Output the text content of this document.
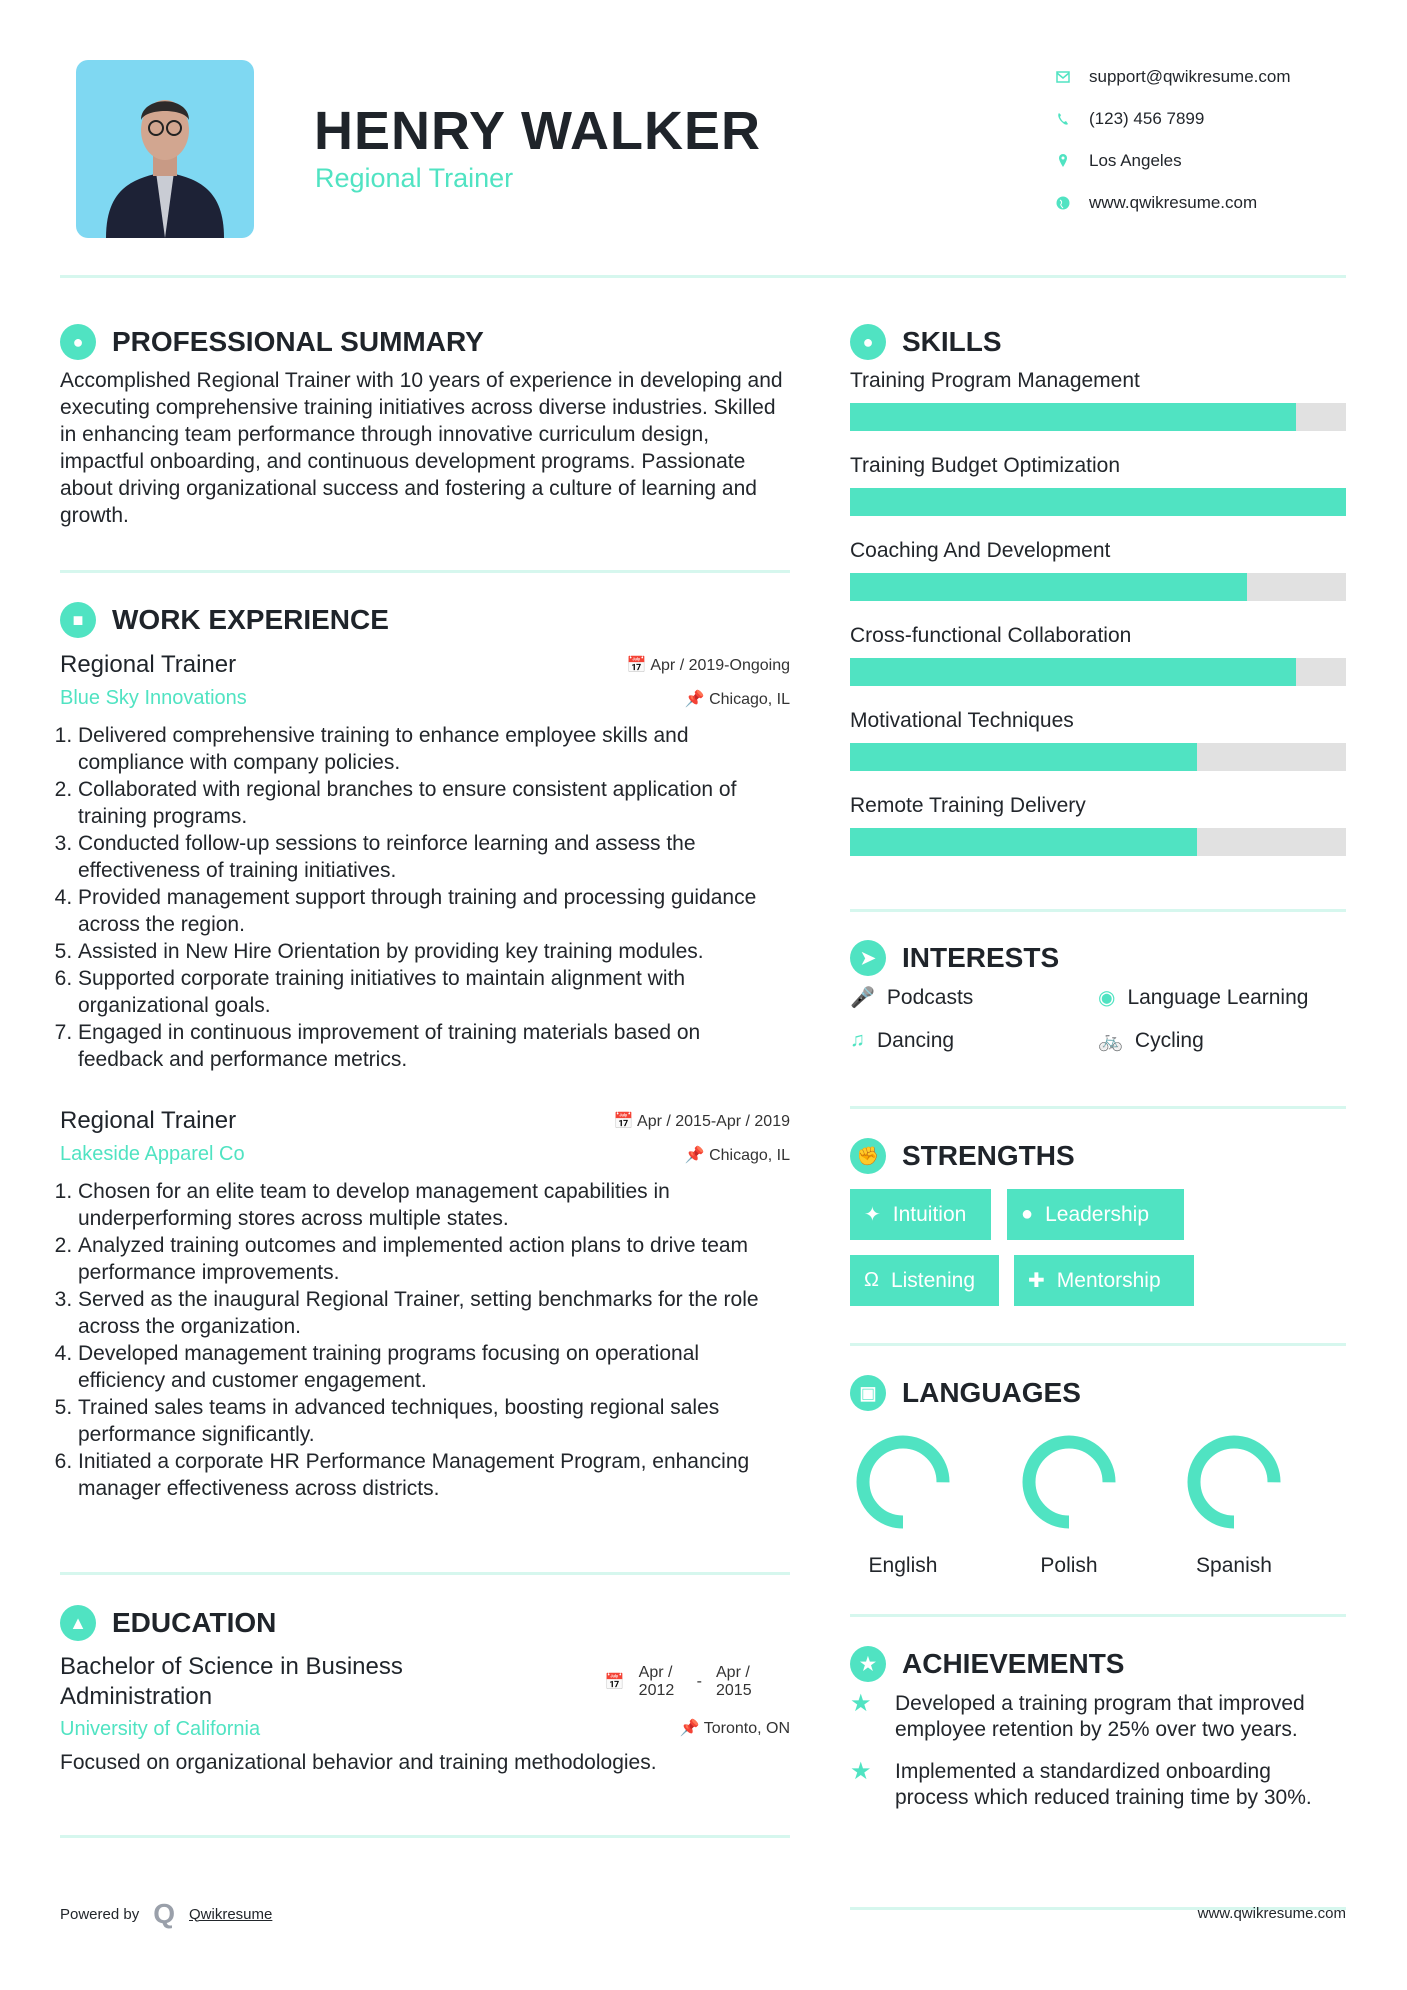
HENRY WALKER
Regional Trainer
support@qwikresume.com
(123) 456 7899
Los Angeles
www.qwikresume.com
●	PROFESSIONAL SUMMARY
Accomplished Regional Trainer with 10 years of experience in developing and executing comprehensive training initiatives across diverse industries. Skilled in enhancing team performance through innovative curriculum design, impactful onboarding, and continuous development programs. Passionate about driving organizational success and fostering a culture of learning and growth.
■	WORK EXPERIENCE
Regional Trainer	📅 Apr / 2019-Ongoing
Blue Sky Innovations	📌 Chicago, IL
1. Delivered comprehensive training to enhance employee skills and compliance with company policies.
2. Collaborated with regional branches to ensure consistent application of training programs.
3. Conducted follow-up sessions to reinforce learning and assess the effectiveness of training initiatives.
4. Provided management support through training and processing guidance across the region.
5. Assisted in New Hire Orientation by providing key training modules.
6. Supported corporate training initiatives to maintain alignment with organizational goals.
7. Engaged in continuous improvement of training materials based on feedback and performance metrics.
Regional Trainer	📅 Apr / 2015-Apr / 2019
Lakeside Apparel Co	📌 Chicago, IL
1. Chosen for an elite team to develop management capabilities in underperforming stores across multiple states.
2. Analyzed training outcomes and implemented action plans to drive team performance improvements.
3. Served as the inaugural Regional Trainer, setting benchmarks for the role across the organization.
4. Developed management training programs focusing on operational efficiency and customer engagement.
5. Trained sales teams in advanced techniques, boosting regional sales performance significantly.
6. Initiated a corporate HR Performance Management Program, enhancing manager effectiveness across districts.
▲ EDUCATION
Bachelor of Science in Business Administration
📅
Apr / 2012
-
Apr / 2015
University of California	📌 Toronto, ON
Focused on organizational behavior and training methodologies.
Powered by Q Qwikresume
●	SKILLS
Training Program Management
Training Budget Optimization
Coaching And Development
Cross-functional Collaboration
Motivational Techniques
Remote Training Delivery
➤ INTERESTS
🎤 Podcasts	◉ Language Learning
♫ Dancing	🚲 Cycling
✊ STRENGTHS
✦ Intuition	● Leadership
Ω Listening	✚ Mentorship
▣ LANGUAGES
English	Polish	Spanish
★ ACHIEVEMENTS
★	Developed a training program that improved employee retention by 25% over two years.
★	Implemented a standardized onboarding process which reduced training time by 30%.
www.qwikresume.com
